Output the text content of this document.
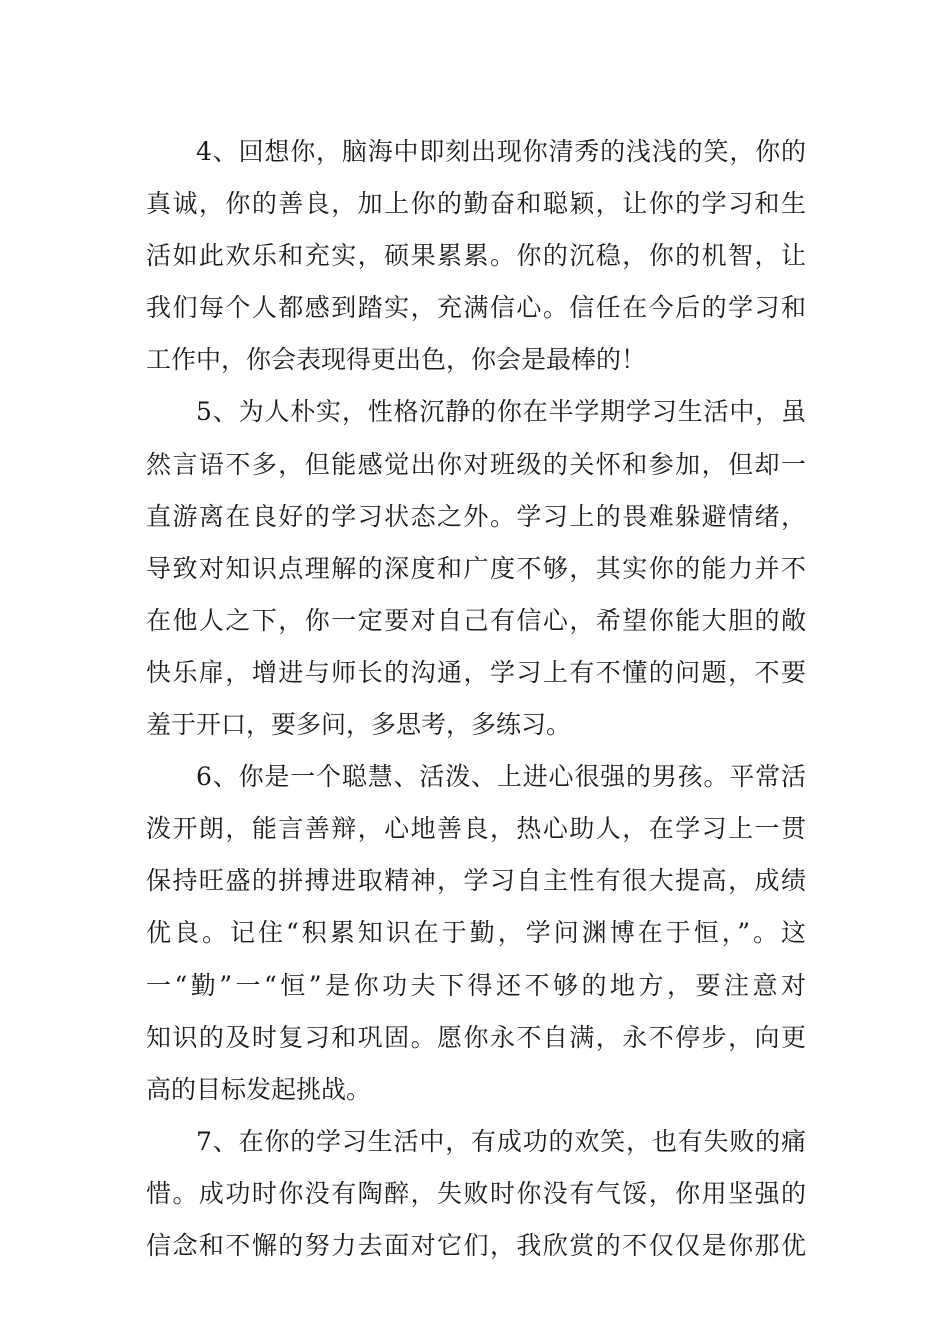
4、回想你，脑海中即刻出现你清秀的浅浅的笑，你的
真诚，你的善良，加上你的勤奋和聪颖，让你的学习和生
活如此欢乐和充实，硕果累累。你的沉稳，你的机智，让
我们每个人都感到踏实，充满信心。信任在今后的学习和
工作中，你会表现得更出色，你会是最棒的！
5、为人朴实，性格沉静的你在半学期学习生活中，虽
然言语不多，但能感觉出你对班级的关怀和参加，但却一
直游离在良好的学习状态之外。学习上的畏难躲避情绪，
导致对知识点理解的深度和广度不够，其实你的能力并不
在他人之下，你一定要对自己有信心，希望你能大胆的敞
快乐扉，增进与师长的沟通，学习上有不懂的问题，不要
羞于开口，要多问，多思考，多练习。
6、你是一个聪慧、活泼、上进心很强的男孩。平常活
泼开朗，能言善辩，心地善良，热心助人，在学习上一贯
保持旺盛的拼搏进取精神，学习自主性有很大提高，成绩
优良。记住“积累知识在于勤，学问渊博在于恒，”。这
一“勤”一“恒”是你功夫下得还不够的地方，要注意对
知识的及时复习和巩固。愿你永不自满，永不停步，向更
高的目标发起挑战。
7、在你的学习生活中，有成功的欢笑，也有失败的痛
惜。成功时你没有陶醉，失败时你没有气馁，你用坚强的
信念和不懈的努力去面对它们，我欣赏的不仅仅是你那优
